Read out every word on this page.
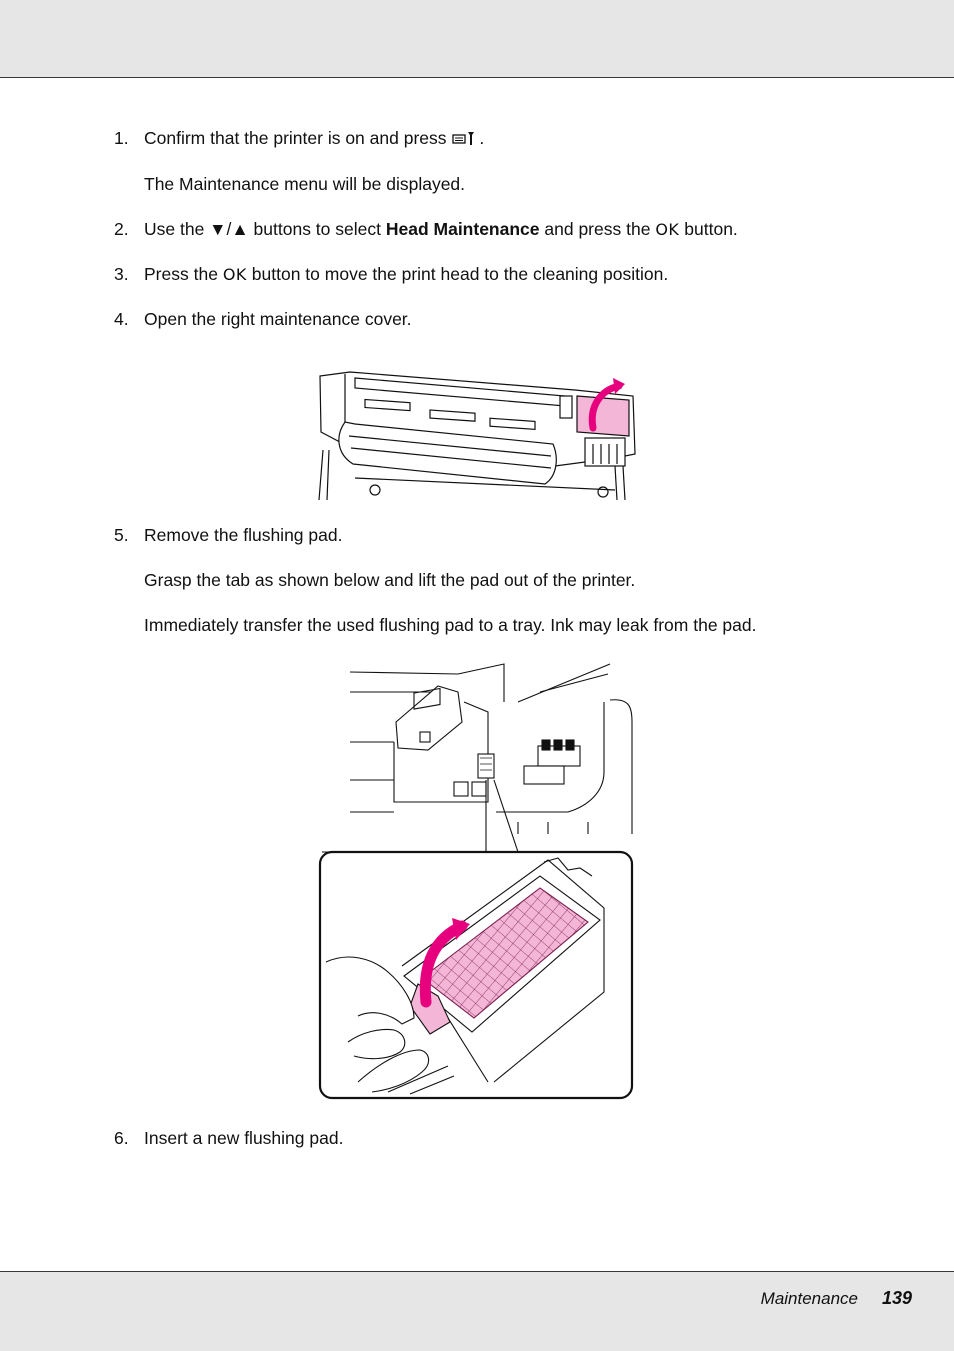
1. Confirm that the printer is on and press .
The Maintenance menu will be displayed.
2. Use the ▼/▲ buttons to select Head Maintenance and press the OK button.
3. Press the OK button to move the print head to the cleaning position.
4. Open the right maintenance cover.
5. Remove the flushing pad.
Grasp the tab as shown below and lift the pad out of the printer.
Immediately transfer the used flushing pad to a tray. Ink may leak from the pad.
6. Insert a new flushing pad.
Maintenance 139
